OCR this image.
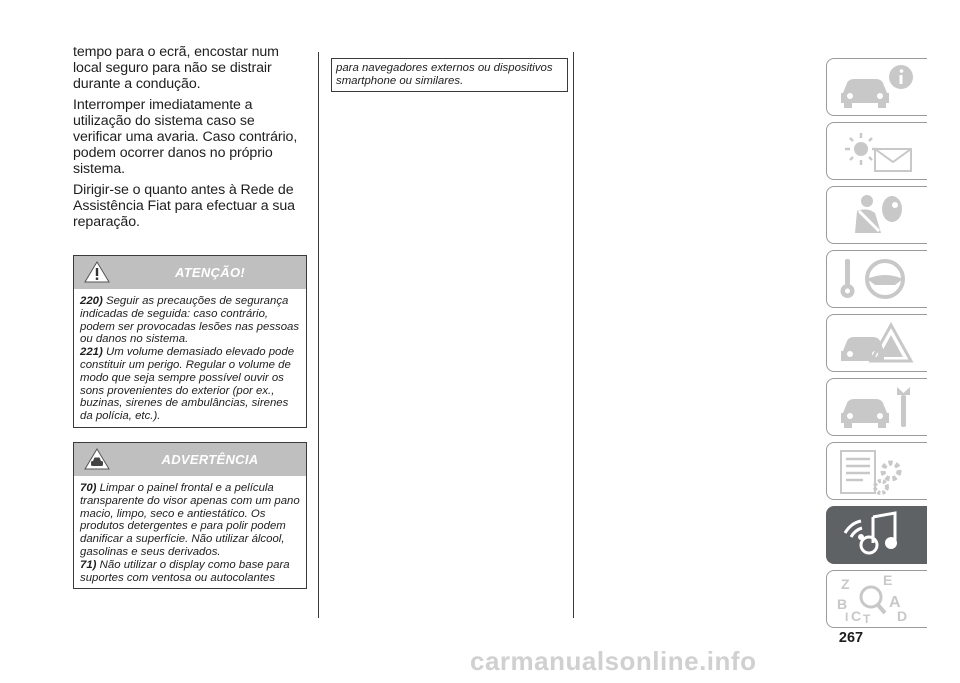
tempo para o ecrã, encostar num local seguro para não se distrair durante a condução.

Interromper imediatamente a utilização do sistema caso se verificar uma avaria. Caso contrário, podem ocorrer danos no próprio sistema.

Dirigir-se o quanto antes à Rede de Assistência Fiat para efectuar a sua reparação.

ATENÇÃO!

220) Seguir as precauções de segurança indicadas de seguida: caso contrário, podem ser provocadas lesões nas pessoas ou danos no sistema.

221) Um volume demasiado elevado pode constituir um perigo. Regular o volume de modo que seja sempre possível ouvir os sons provenientes do exterior (por ex., buzinas, sirenes de ambulâncias, sirenes da polícia, etc.).

ADVERTÊNCIA

70) Limpar o painel frontal e a película transparente do visor apenas com um pano macio, limpo, seco e antiestático. Os produtos detergentes e para polir podem danificar a superfície. Não utilizar álcool, gasolinas e seus derivados.

71) Não utilizar o display como base para suportes com ventosa ou autocolantes

para navegadores externos ou dispositivos smartphone ou similares.
Z E
B	A
C T D
I
267
carmanualsonline.info
